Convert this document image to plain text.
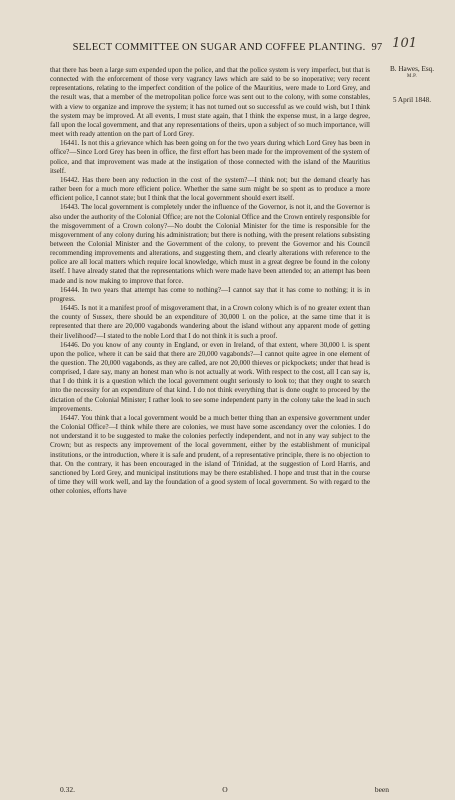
SELECT COMMITTEE ON SUGAR AND COFFEE PLANTING. 97 101
B. Hawes, Esq.
M.P.
5 April 1848.

that there has been a large sum expended upon the police, and that the police system is very imperfect, but that is connected with the enforcement of those very vagrancy laws which are said to be so inoperative; very recent representations, relating to the imperfect condition of the police of the Mauritius, were made to Lord Grey, and the result was, that a member of the metropolitan police force was sent out to the colony, with some constables, with a view to organize and improve the system; it has not turned out so successful as we could wish, but I think the system may be improved. At all events, I must state again, that I think the expense must, in a large degree, fall upon the local government, and that any representations of theirs, upon a subject of so much importance, will meet with ready attention on the part of Lord Grey.

16441. Is not this a grievance which has been going on for the two years during which Lord Grey has been in office?—Since Lord Grey has been in office, the first effort has been made for the improvement of the system of police, and that improvement was made at the instigation of those connected with the island of the Mauritius itself.

16442. Has there been any reduction in the cost of the system?—I think not; but the demand clearly has rather been for a much more efficient police. Whether the same sum might be so spent as to produce a more efficient police, I cannot state; but I think that the local government should exert itself.

16443. The local government is completely under the influence of the Governor, is not it, and the Governor is also under the authority of the Colonial Office; are not the Colonial Office and the Crown entirely responsible for the misgovernment of a Crown colony?—No doubt the Colonial Minister for the time is responsible for the misgovernment of any colony during his administration; but there is nothing, with the present relations subsisting between the Colonial Minister and the Government of the colony, to prevent the Governor and his Council recommending improvements and alterations, and suggesting them, and clearly alterations with reference to the police are all local matters which require local knowledge, which must in a great degree be found in the colony itself. I have already stated that the representations which were made have been attended to; an attempt has been made and is now making to improve that force.

16444. In two years that attempt has come to nothing?—I cannot say that it has come to nothing; it is in progress.

16445. Is not it a manifest proof of misgoverament that, in a Crown colony which is of no greater extent than the county of Sussex, there should be an expenditure of 30,000 l. on the police, at the same time that it is represented that there are 20,000 vagabonds wandering about the island without any apparent mode of getting their livelihood?—I stated to the noble Lord that I do not think it is such a proof.

16446. Do you know of any county in England, or even in Ireland, of that extent, where 30,000 l. is spent upon the police, where it can be said that there are 20,000 vagabonds?—I cannot quite agree in one element of the question. The 20,000 vagabonds, as they are called, are not 20,000 thieves or pickpockets; under that head is comprised, I dare say, many an honest man who is not actually at work. With respect to the cost, all I can say is, that I do think it is a question which the local government ought seriously to look to; that they ought to search into the necessity for an expenditure of that kind. I do not think everything that is done ought to proceed by the dictation of the Colonial Minister; I rather look to see some independent party in the colony take the lead in such improvements.

16447. You think that a local government would be a much better thing than an expensive government under the Colonial Office?—I think while there are colonies, we must have some ascendancy over the colonies. I do not understand it to be suggested to make the colonies perfectly independent, and not in any way subject to the Crown; but as respects any improvement of the local government, either by the establishment of municipal institutions, or the introduction, where it is safe and prudent, of a representative principle, there is no objection to that. On the contrary, it has been encouraged in the island of Trinidad, at the suggestion of Lord Harris, and sanctioned by Lord Grey, and municipal institutions may be there established. I hope and trust that in the course of time they will work well, and lay the foundation of a good system of local government. So with regard to the other colonies, efforts have

0.32.	O	been
